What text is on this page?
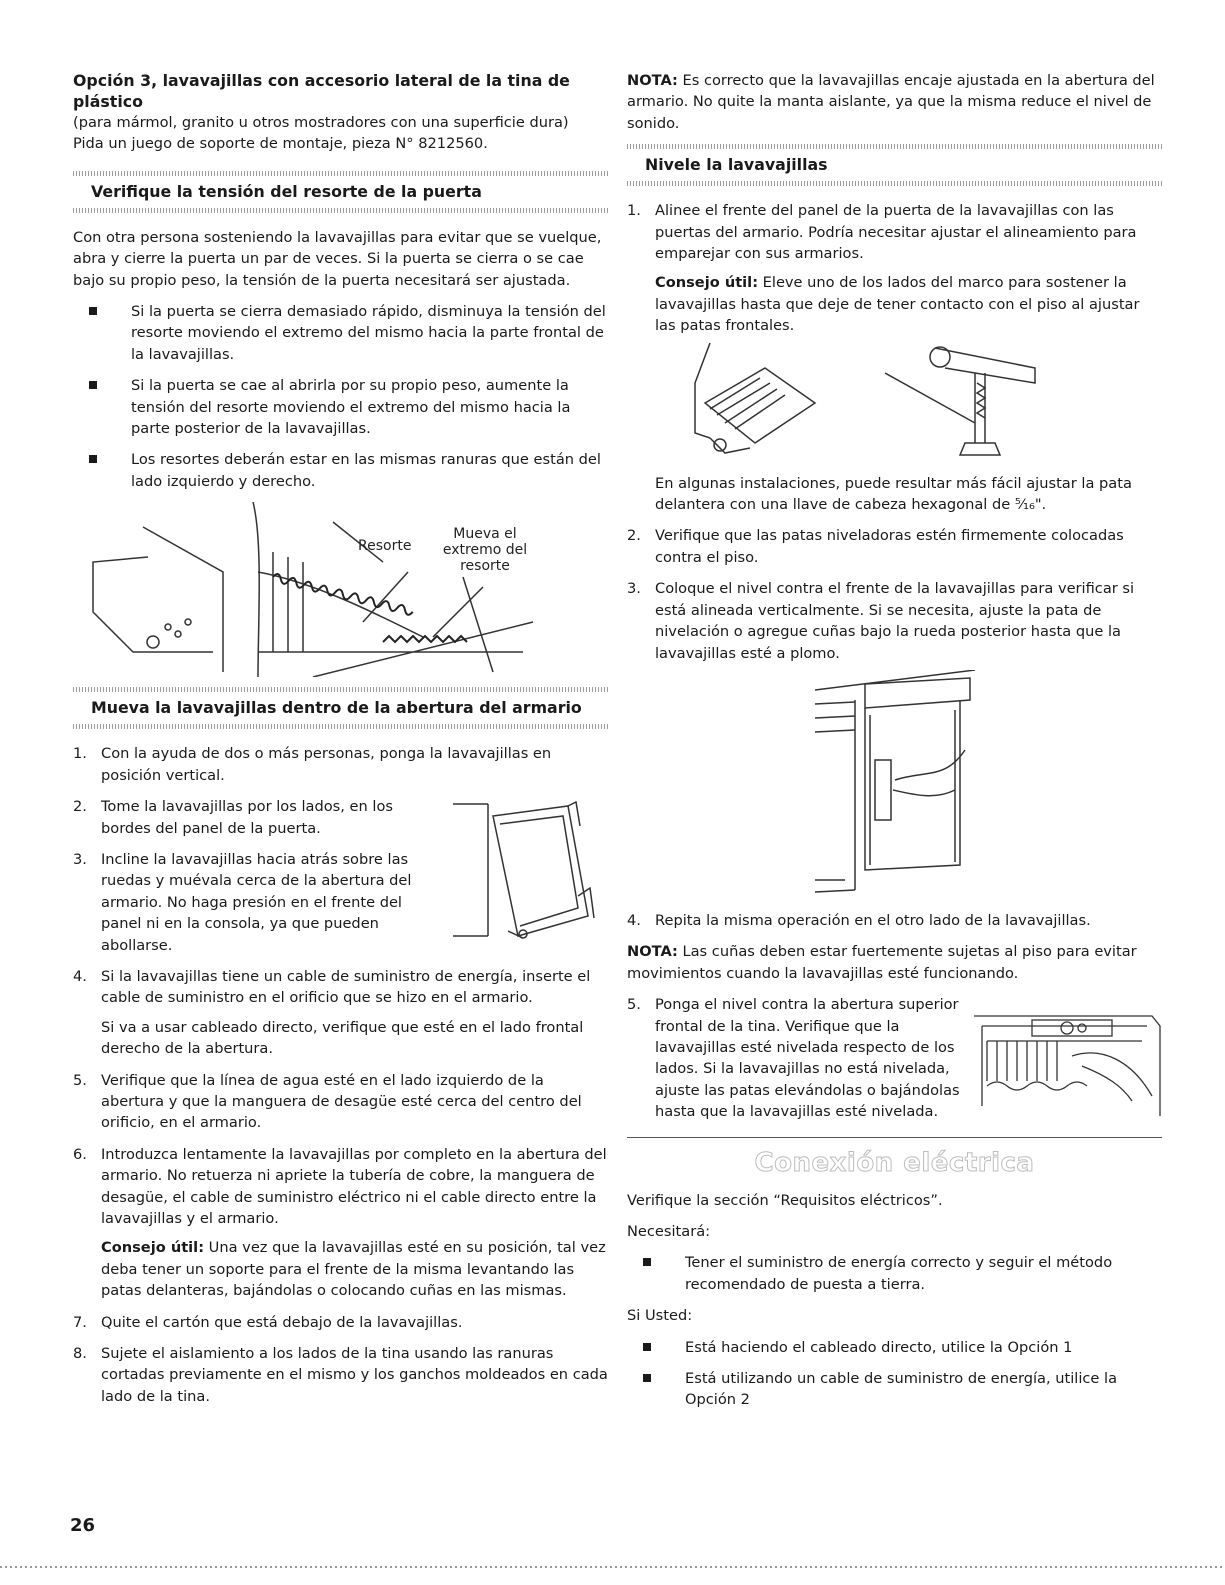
Opción 3, lavavajillas con accesorio lateral de la tina de plástico

(para mármol, granito u otros mostradores con una superficie dura)

Pida un juego de soporte de montaje, pieza N° 8212560.

Verifique la tensión del resorte de la puerta

Con otra persona sosteniendo la lavavajillas para evitar que se vuelque, abra y cierre la puerta un par de veces. Si la puerta se cierra o se cae bajo su propio peso, la tensión de la puerta necesitará ser ajustada.

Si la puerta se cierra demasiado rápido, disminuya la tensión del resorte moviendo el extremo del mismo hacia la parte frontal de la lavavajillas.
Si la puerta se cae al abrirla por su propio peso, aumente la tensión del resorte moviendo el extremo del mismo hacia la parte posterior de la lavavajillas.
Los resortes deberán estar en las mismas ranuras que están del lado izquierdo y derecho.
Resorte
Mueva el
extremo del
resorte
Mueva la lavavajillas dentro de la abertura del armario
1. Con la ayuda de dos o más personas, ponga la lavavajillas en posición vertical.
2. Tome la lavavajillas por los lados, en los bordes del panel de la puerta.
3. Incline la lavavajillas hacia atrás sobre las ruedas y muévala cerca de la abertura del armario. No haga presión en el frente del panel ni en la consola, ya que pueden abollarse.
4. Si la lavavajillas tiene un cable de suministro de energía, inserte el cable de suministro en el orificio que se hizo en el armario.

Si va a usar cableado directo, verifique que esté en el lado frontal derecho de la abertura.

5. Verifique que la línea de agua esté en el lado izquierdo de la abertura y que la manguera de desagüe esté cerca del centro del orificio, en el armario.
6. Introduzca lentamente la lavavajillas por completo en la abertura del armario. No retuerza ni apriete la tubería de cobre, la manguera de desagüe, el cable de suministro eléctrico ni el cable directo entre la lavavajillas y el armario.

Consejo útil: Una vez que la lavavajillas esté en su posición, tal vez deba tener un soporte para el frente de la misma levantando las patas delanteras, bajándolas o colocando cuñas en las mismas.

7. Quite el cartón que está debajo de la lavavajillas.
8. Sujete el aislamiento a los lados de la tina usando las ranuras cortadas previamente en el mismo y los ganchos moldeados en cada lado de la tina.

NOTA: Es correcto que la lavavajillas encaje ajustada en la abertura del armario. No quite la manta aislante, ya que la misma reduce el nivel de sonido.

Nivele la lavavajillas
1. Alinee el frente del panel de la puerta de la lavavajillas con las puertas del armario. Podría necesitar ajustar el alineamiento para emparejar con sus armarios.

Consejo útil: Eleve uno de los lados del marco para sostener la lavavajillas hasta que deje de tener contacto con el piso al ajustar las patas frontales.

En algunas instalaciones, puede resultar más fácil ajustar la pata delantera con una llave de cabeza hexagonal de ⁵⁄₁₆".

2. Verifique que las patas niveladoras estén firmemente colocadas contra el piso.
3. Coloque el nivel contra el frente de la lavavajillas para verificar si está alineada verticalmente. Si se necesita, ajuste la pata de nivelación o agregue cuñas bajo la rueda posterior hasta que la lavavajillas esté a plomo.
4. Repita la misma operación en el otro lado de la lavavajillas.

NOTA: Las cuñas deben estar fuertemente sujetas al piso para evitar movimientos cuando la lavavajillas esté funcionando.

5. Ponga el nivel contra la abertura superior frontal de la tina. Verifique que la lavavajillas esté nivelada respecto de los lados. Si la lavavajillas no está nivelada, ajuste las patas elevándolas o bajándolas hasta que la lavavajillas esté nivelada.
Conexión eléctrica

Verifique la sección “Requisitos eléctricos”.

Necesitará:

Tener el suministro de energía correcto y seguir el método recomendado de puesta a tierra.

Si Usted:

Está haciendo el cableado directo, utilice la Opción 1
Está utilizando un cable de suministro de energía, utilice la Opción 2
26
